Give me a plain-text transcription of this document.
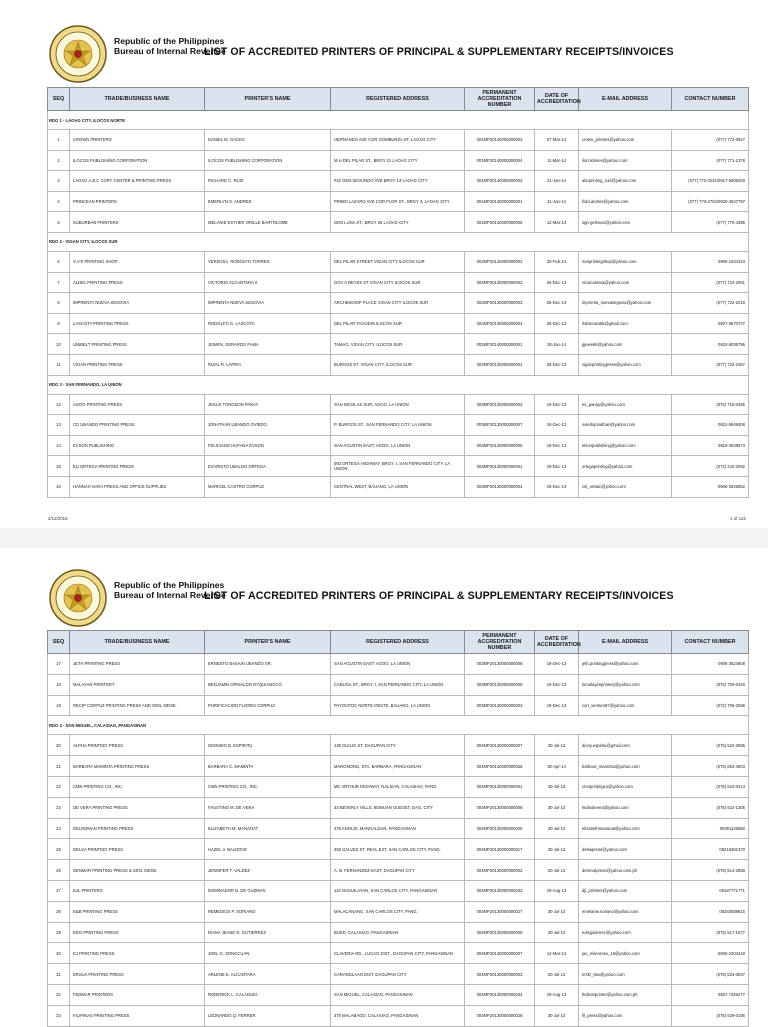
Republic of the Philippines
Bureau of Internal Revenue
LIST OF ACCREDITED PRINTERS OF PRINCIPAL & SUPPLEMENTARY RECEIPTS/INVOICES
SEQ	TRADE/BUSINESS NAME	PRINTER'S NAME	REGISTERED ADDRESS	PERMANENT ACCREDITATION NUMBER	DATE OF ACCREDITATION	E-MAIL ADDRESS	CONTACT NUMBER
RDO 1 - LAOAG CITY, ILOCOS NORTE							
1	CROWN PRINTERS	DANIEL M. GACES	HERNANDO AVE COR GOMBURZA ST. LAOAG CITY	001MP20140000000003	07-Mar-14	crown_printers@yahoo.com	(077) 772-0927
2	ILOCOS PUBLISHING CORPORATION	ILOCOS PUBLISHING CORPORATION	M.H.DEL PILAR ST., BRGY 21 LAOAG CITY	001MP20140000000004	11-Mar-14	ilocostimes@yahoo.com	(077) 771-1378
3	LAOAG A.B.C COPY CENTER & PRINTING PRESS	RICHARD C. RUIZ	#22 GEN.SEGUNDO AVE BRGY 13 LAOAG CITY	001MP20140000000002	21-Jan-14	abcprinting_ruiz@yahoo.com	(077) 772-0231/0917-5506293
4	PRINCEAN PRINTERS	EMERLYN S. ANDRES	PRIMO LAZARO AVE COR FLOR ST., BRGY 3, LAOAG CITY	001MP20140000000001	21-Jan-14	fidel.andres@yahoo.com	(077) 773-2702/0920-4047797
5	SUBURBAN PRINTERS	MELANIE ESTHER ORILLE BARTOLOME	GEN LUNA ST., BRGY 25 LAOAG CITY	001MP20140000000005	12-Mar-14	spp-gerkano@yahoo.com	(077) 770-4395
RDO 2 - VIGAN CITY, ILOCOS SUR							
6	S.V'S PRINTING SHOP	VERZOSA, RODOLFO TORRES	DEL PILAR STREET VIGAN CITY ILOCOS SUR	002MP20140000000002	20-Feb-14	Svsprintingshop@yahoo.com	0906-1234323
7	ALDEL PRINTING PRESS	VICTORIO ALCANTARA II	GOV A REYES ST VIGAN CITY ILOCOS SUR	002MP20130000000002	26-Dec-13	vicalcantara@yahoo.com	(077) 722-2051
8	IMPRENTA NUEVA SEGOVIA	IMPRENTA NUEVA SEGOVIA	ARCHBISHOP PLACE VIGAN CITY ILOCOS SUR	002MP20130000000003	26-Dec-13	imprenta_nuevasegovia@yahoo.com	(077) 722-2018
9	LASCOTA PRINTING PRESS	RODOLFO G. LASCOTA	DEL PILAR TAGUDIN ILOCOS SUR	002MP20130000000004	26-Dec-13	rlslascota65@gmail.com	0927-5570707
10	UNIBELT PRINTING PRESS	JEWEN, GERARDO FAMA	TAMAG, VIGAN CITY, ILOCOS SUR	002MP20140000000001	28-Jan-14	gjewe66@yahoo.com	0932-5035795
11	VIGAN PRINTING PRESS	RIZAL R. LAPIRA	BURGOS ST. VIGAN CITY, ILOCOS SUR	002MP20130000000001	26-Dec-13	viganprintingpress@yahoo.com	(077) 722-2387
RDO 3 - SAN FERNANDO, LA UNION							
12	AGOO PRINTING PRESS	JESUS TONGSON PANAY	SAN NICOLAS SUR, AGOO, LA UNION	003MP20130000000002	19-Dec-13	es_panay@yahoo.com	(072) 710-0455
13	CD UBANDO PRINTING PRESS	JONATHAN UBANDO OVIEDO	P. BURGOS ST., SAN FERNANDO CITY, LA UNION	003MP20130000000007	19-Dec-13	oviedojonathan@yahoo.com	0921-6949408
14	EVSON PUBLISHING	FELICIANO HUFANA EVSON	SAN AGUSTIN EAST, AGOO, LA UNION	003MP20130000000005	19-Dec-13	elsonpublishing@yahoo.com	0919-4528673
15	EU ORTEGA PRINTING PRESS	EVARISTO UBALDO ORTEGA	093 ORTEGA HIGHWAY, BRGY. I, SAN FERNANDO CITY, LA UNION	003MP20130000000001	19-Dec-13	ortegaprinting@yahoo.com	(072) 242-3092
16	HANNAH SARA PRESS AND OFFICE SUPPLIES	MARICEL CASTRO CORPUZ	CENTRAL WEST, BAUANG, LA UNION	003MP20130000000004	19-Dec-13	cel_ortsac@yahoo.com	0906-2845852
2/12/2016	1 of 122
Republic of the Philippines
Bureau of Internal Revenue
LIST OF ACCREDITED PRINTERS OF PRINCIPAL & SUPPLEMENTARY RECEIPTS/INVOICES
SEQ	TRADE/BUSINESS NAME	PRINTER'S NAME	REGISTERED ADDRESS	PERMANENT ACCREDITATION NUMBER	DATE OF ACCREDITATION	E-MAIL ADDRESS	CONTACT NUMBER
17	JETH PRINTING PRESS	ERNESTO BASAIN UBANDO SR.	SAN AGUSTIN EAST, AGOO, LA UNION	003MP20130000000006	19-Dec-13	jeth.printingpress@yahoo.com	0906-3524808
18	MALAYAN PRINTERY	BENJAMIN OPINALDO DYQUIANGCO	CABUGA ST., BRGY. I, SAN FERNANDO CITY, LA UNION	003MP20130000000008	19-Dec-13	lumalayanprintery@yahoo.com	(072) 700-0416
19	RECIP CORPUZ PRINTING PRESS AND GEN. MDSE.	PURIFICACION FLORES CORPUZ	PAYOCPOC NORTE-OESTE, BAUANG, LA UNION	003MP20130000000003	19-Dec-13	corl_venture87@yahoo.com	(072) 705-2586
RDO 4 - SAN MIGUEL, CALASIAO, PANGASINAN							
20	ALPHA PRINTING PRESS	DIONISIO B. ESPIRITU	130 GUILIG ST. DAGUPAN CITY	004MP20130000000007	30-Jul-13	diony.espiritu@gmail.com	(075) 522-2595
21	BARBARA MAMINTA PRINTING PRESS	BARBARA C. MAMINTA	MARONONG, STA. BARBARA, PANGASINAN	004MP20140000000038	30-Apr-14	barbara_maminta@yahoo.com	(075) 653-4903
22	CMN PRINTING CO., INC.	CMN PRINTING CO., INC.	MC ARTHUR HIGHWAY, NALSIAN, CALASIAO, PANG.	004MP20130000000001	30-Jul-13	cmnprintingco@yahoo.com	(075) 522-0314
23	DE VERA PRINTING PRESS	FAUSTINO M. DE VERA	33 BEVERLY HILLS, BONUAN GUESET, DAG. CITY	004MP20130000000006	30-Jul-13	tsdmdevera@yahoo.com	(075) 522-1305
24	DELROMAN PRINTING PRESS	ELIZABETH M. MANAOAT	476 ANOLID, MANGALDAN, PANGASINAN	004MP20130000000025	30-Jul-13	elizabethmanaoat@yahoo.com	09391126650
25	DELSA PRINTING PRESS	HAZEL V. BALDOVE	393 GALVEZ ST. REAL EXT. SAN CARLOS CITY, PANG.	004MP20130000000017	30-Jul-13	delsapress@yahoo.com	09215461370
26	DENMAR PRINTING PRESS & GEN. MDSE.	JENNIFER T. VALDEZ	A. B. FERNANDEZ EAST, DAGUPAN CITY	004MP20130000000002	30-Jul-13	denmarpress@yahoo.com.ph	(075) 514-2659
27	DJL PRINTERS	DOMINADOR B. DE GUZMAN	114 NAGUILAYAN, SAN CARLOS CITY, PANGASINAN	004MP20130000000033	19-Aug-13	djl_printers@yahoo.com	09187771771
28	E&B PRINTING PRESS	REMEDIOS P. SORIANO	MALACANANG, SAN CARLOS CITY, PANG.	004MP20130000000027	30-Jul-13	emelanie.soriano@yahoo.com	09283058615
29	EDG PRINTING PRESS	DIANA JEANE D. GUTIERREZ	BUED, CALASIAO, PANGASINAN	004MP20130000000009	30-Jul-13	edisgutierrez@yahoo.com	(075) 517-1677
30	EJ PRINTING PRESS	JOEL O. SONGCUAN	CLAVERIA RD., LUCAO DIST., DAGUPAN CITY, PANGASINAN	004MP20140000000037	14-Mar-14	jan_milenrose_16@yahoo.com	0905-2204419
31	ERSUA PRINTING PRESS	ARLENE E. ALCANTARA	CARANGLAAN DIST. DAGUPAN CITY	004MP20130000000003	30-Jul-13	ersfz_tlav@yahoo.com	(075) 523-0637
32	FEDMAR PRINTERS	RODERICK L. CALAGUIO	SAN MIGUEL, CALASIAO, PANGASINAN	004MP20130000000034	19-Aug-13	fedmarprinter@yahoo.com.ph	0927-7326277
33	FILIPINAS PRINTING PRESS	LEONARDO Q. FERRER	370 MALABAGO, CALASIAO, PANGASINAN	004MP20130000000026	30-Jul-13	fil_press@yahoo.com	(075) 529-0195
